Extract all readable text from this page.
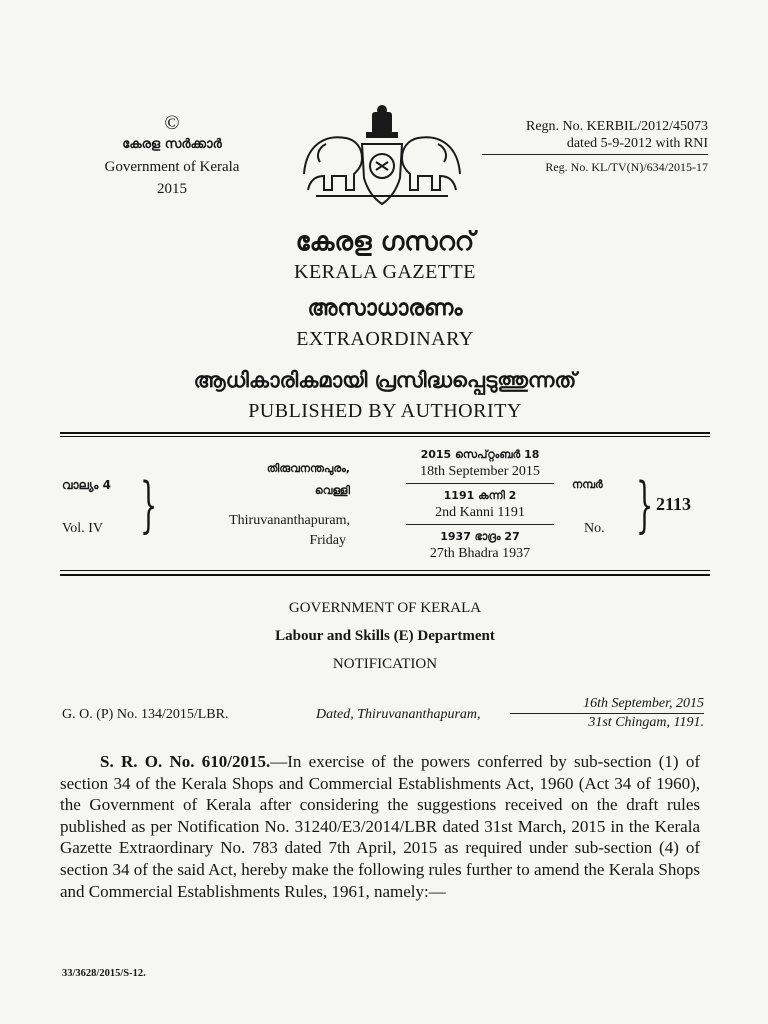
©
കേരള സർക്കാർ
Government of Kerala
2015
Regn. No. KERBIL/2012/45073
dated 5-9-2012 with RNI
Reg. No. KL/TV(N)/634/2015-17
കേരള ഗസററ്
KERALA GAZETTE
അസാധാരണം
EXTRAORDINARY
ആധികാരികമായി പ്രസിദ്ധപ്പെടുത്തുന്നത്
PUBLISHED BY AUTHORITY
വാല്യം 4
Vol. IV }
തിരുവനന്തപുരം,
വെള്ളി
Thiruvananthapuram,
Friday
2015 സെപ്റ്റംബർ 18
18th September 2015
1191 കന്നി 2
2nd Kanni 1191
1937 ഭാദ്രം 27
27th Bhadra 1937
നമ്പർ
No. } 2113
GOVERNMENT OF KERALA
Labour and Skills (E) Department
NOTIFICATION
G. O. (P) No. 134/2015/LBR.	Dated, Thiruvananthapuram,
16th September, 2015
31st Chingam, 1191.
S. R. O. No. 610/2015.—In exercise of the powers conferred by sub-section (1) of section 34 of the Kerala Shops and Commercial Establishments Act, 1960 (Act 34 of 1960), the Government of Kerala after considering the suggestions received on the draft rules published as per Notification No. 31240/E3/2014/LBR dated 31st March, 2015 in the Kerala Gazette Extraordinary No. 783 dated 7th April, 2015 as required under sub-section (4) of section 34 of the said Act, hereby make the following rules further to amend the Kerala Shops and Commercial Establishments Rules, 1961, namely:—
33/3628/2015/S-12.
